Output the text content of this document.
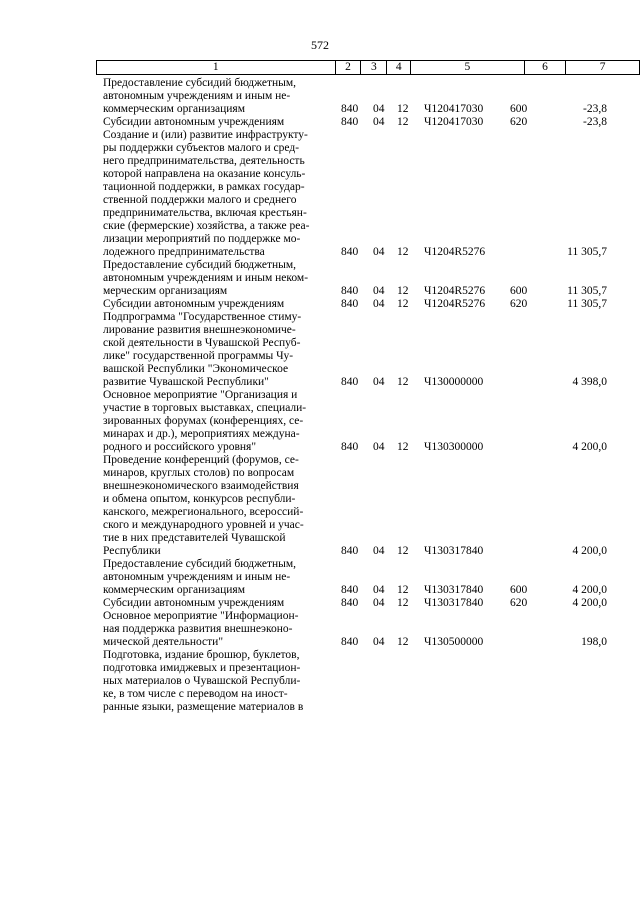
572
1	2	3	4	5	6	7
Предоставление субсидий бюджетным,
автономным учреждениям и иным не-
коммерческим организациям	840 04 12 Ч120417030 600	-23,8
Субсидии автономным учреждениям	840 04 12 Ч120417030 620	-23,8
Создание и (или) развитие инфраструкту-
ры поддержки субъектов малого и сред-
него предпринимательства, деятельность
которой направлена на оказание консуль-
тационной поддержки, в рамках государ-
ственной поддержки малого и среднего
предпринимательства, включая крестьян-
ские (фермерские) хозяйства, а также реа-
лизации мероприятий по поддержке мо-
лодежного предпринимательства	840 04 12 Ч1204R5276	11 305,7
Предоставление субсидий бюджетным,
автономным учреждениям и иным неком-
мерческим организациям	840 04 12 Ч1204R5276 600	11 305,7
Субсидии автономным учреждениям	840 04 12 Ч1204R5276 620	11 305,7
Подпрограмма "Государственное стиму-
лирование развития внешнеэкономиче-
ской деятельности в Чувашской Респуб-
лике" государственной программы Чу-
вашской Республики "Экономическое
развитие Чувашской Республики"	840 04 12 Ч130000000	4 398,0
Основное мероприятие "Организация и
участие в торговых выставках, специали-
зированных форумах (конференциях, се-
минарах и др.), мероприятиях междуна-
родного и российского уровня"	840 04 12 Ч130300000	4 200,0
Проведение конференций (форумов, се-
минаров, круглых столов) по вопросам
внешнеэкономического взаимодействия
и обмена опытом, конкурсов республи-
канского, межрегионального, всероссий-
ского и международного уровней и учас-
тие в них представителей Чувашской
Республики	840 04 12 Ч130317840	4 200,0
Предоставление субсидий бюджетным,
автономным учреждениям и иным не-
коммерческим организациям	840 04 12 Ч130317840 600	4 200,0
Субсидии автономным учреждениям	840 04 12 Ч130317840 620	4 200,0
Основное мероприятие "Информацион-
ная поддержка развития внешнеэконо-
мической деятельности"	840 04 12 Ч130500000	198,0
Подготовка, издание брошюр, буклетов,
подготовка имиджевых и презентацион-
ных материалов о Чувашской Республи-
ке, в том числе с переводом на иност-
ранные языки, размещение материалов в
